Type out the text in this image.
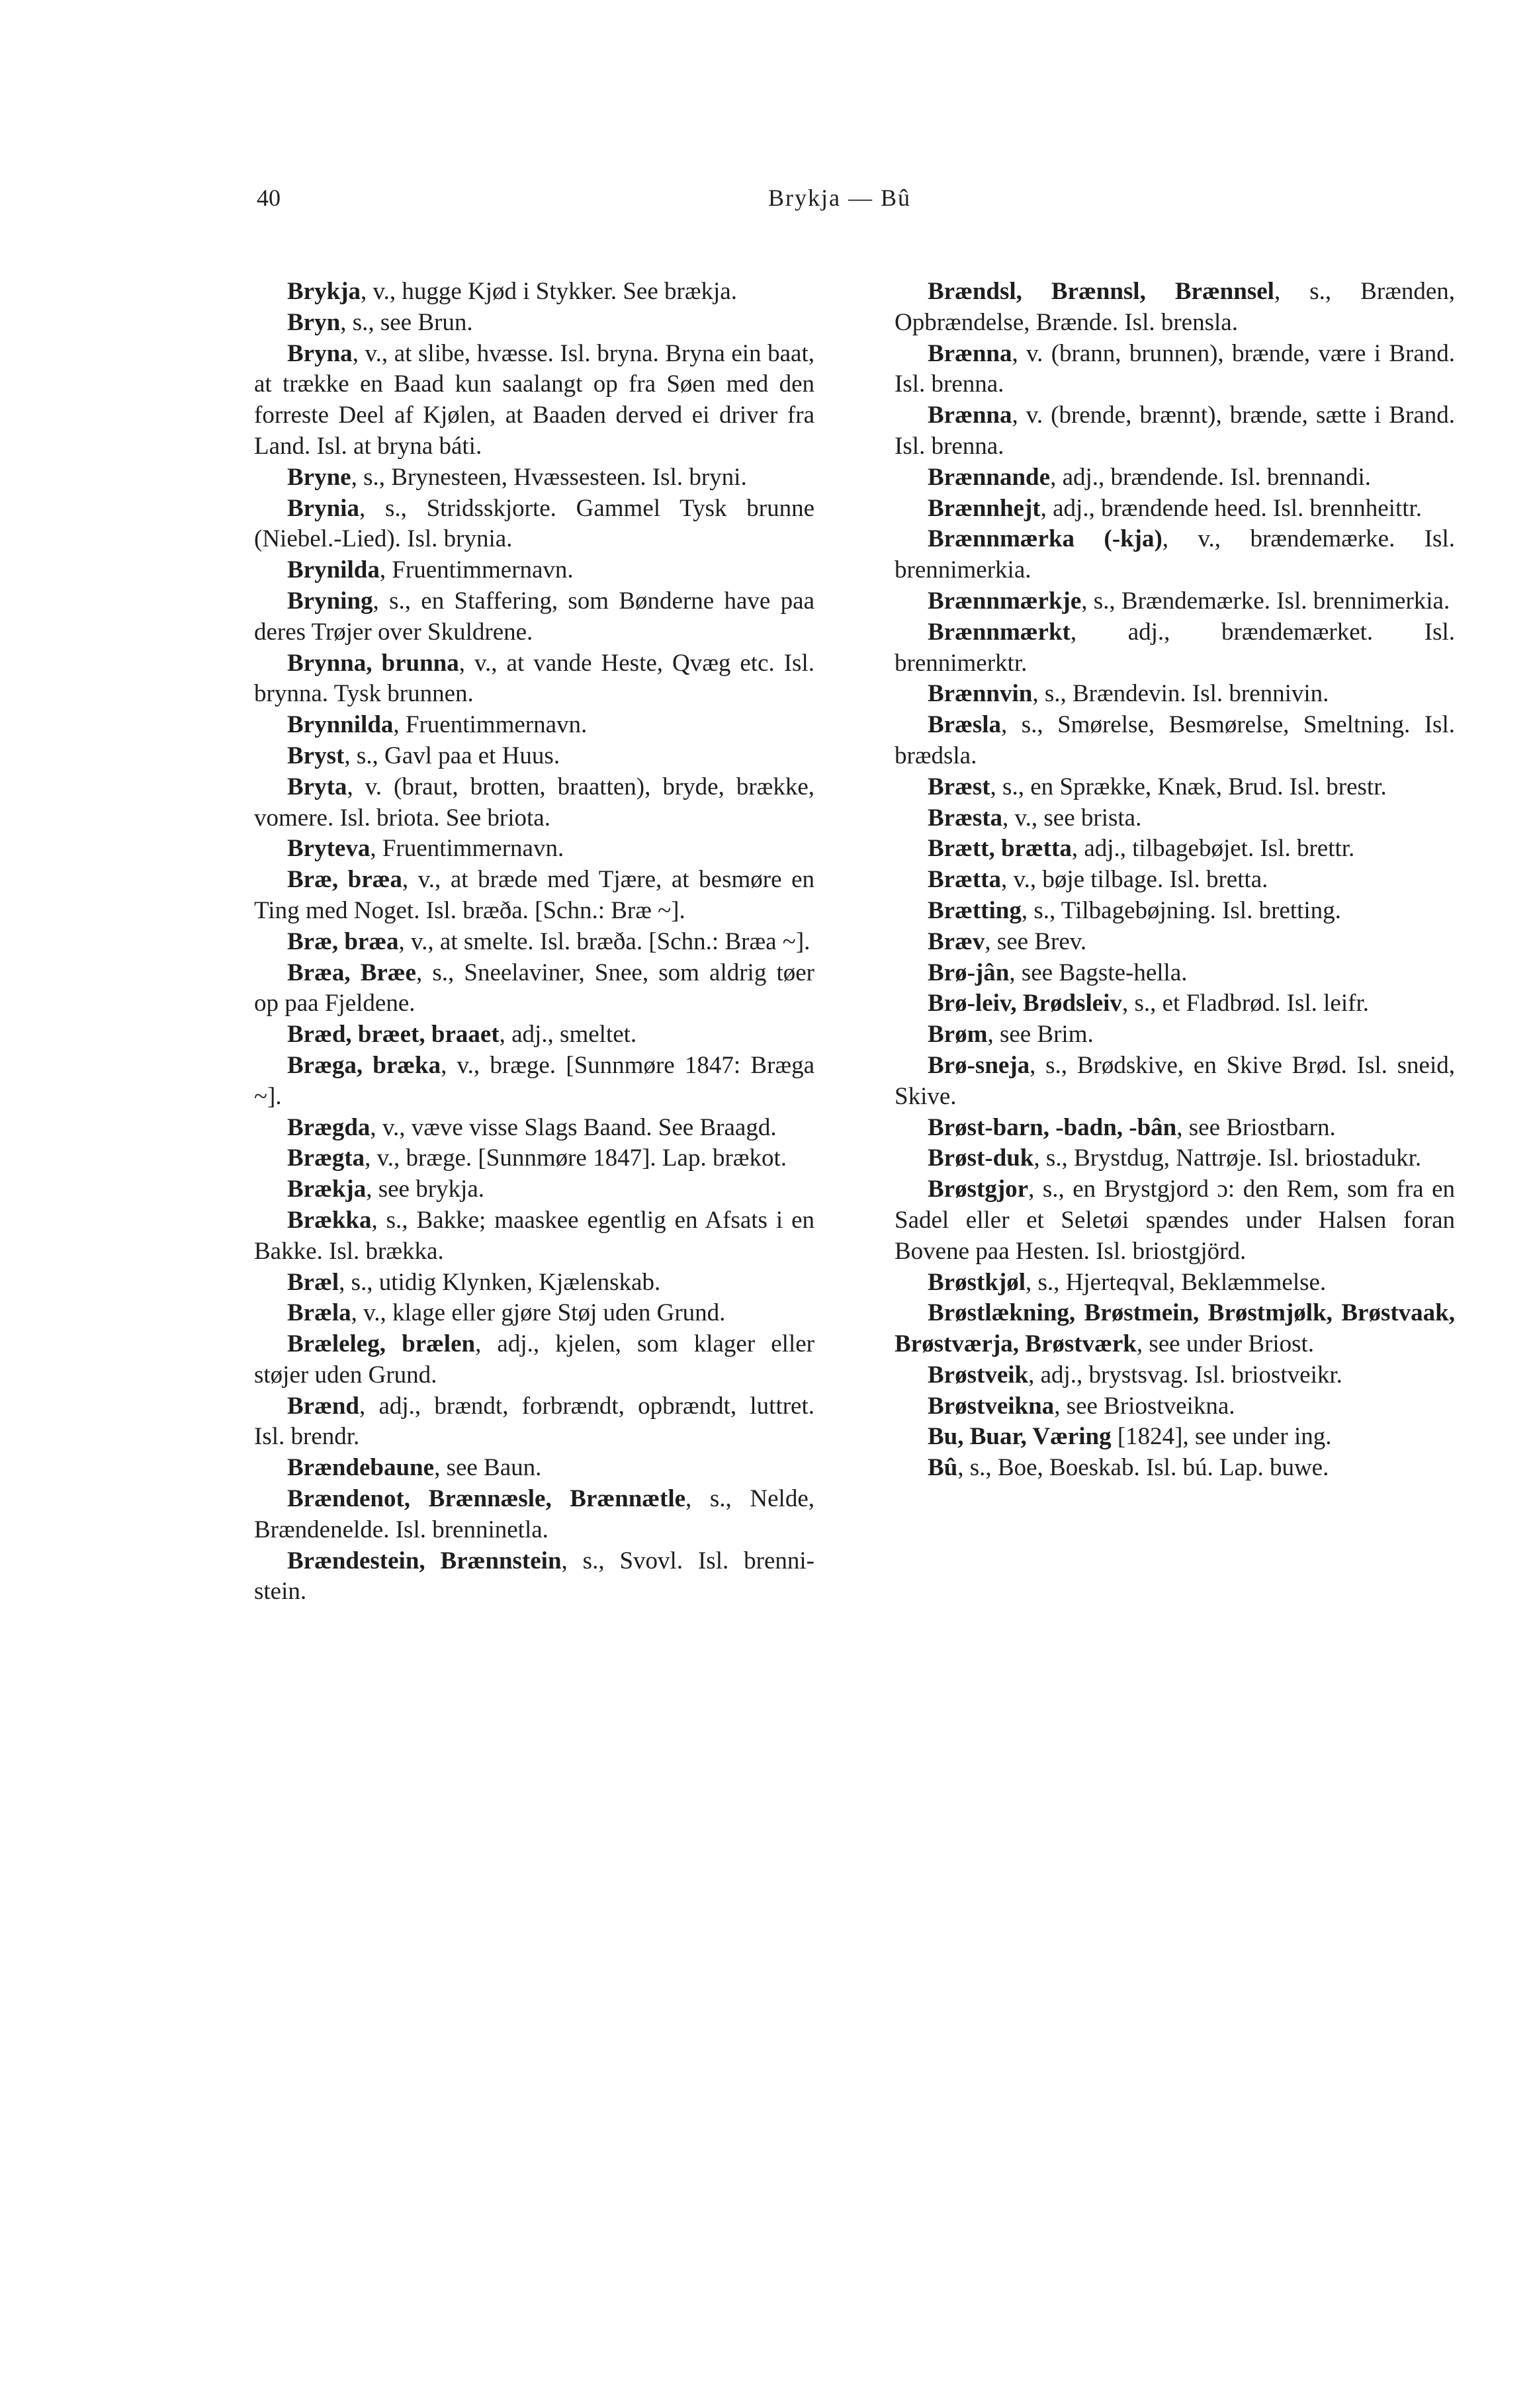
40	Brykja — Bû

Brykja, v., hugge Kjød i Stykker. See brækja.

Bryn, s., see Brun.

Bryna, v., at slibe, hvæsse. Isl. bryna. Bryna ein baat, at trække en Baad kun saalangt op fra Søen med den forreste Deel af Kjølen, at Baaden derved ei driver fra Land. Isl. at bryna báti.

Bryne, s., Brynesteen, Hvæssesteen. Isl. bryni.

Brynia, s., Stridsskjorte. Gammel Tysk brunne (Niebel.-Lied). Isl. brynia.

Brynilda, Fruentimmernavn.

Bryning, s., en Staffering, som Bønderne have paa deres Trøjer over Skuldrene.

Brynna, brunna, v., at vande Heste, Qvæg etc. Isl. brynna. Tysk brunnen.

Brynnilda, Fruentimmernavn.

Bryst, s., Gavl paa et Huus.

Bryta, v. (braut, brotten, braatten), bryde, brække, vomere. Isl. briota. See briota.

Bryteva, Fruentimmernavn.

Bræ, bræa, v., at bræde med Tjære, at besmøre en Ting med Noget. Isl. bræða. [Schn.: Bræ ~].

Bræ, bræa, v., at smelte. Isl. bræða. [Schn.: Bræa ~].

Bræa, Bræe, s., Sneelaviner, Snee, som aldrig tøer op paa Fjeldene.

Bræd, bræet, braaet, adj., smeltet.

Bræga, bræka, v., bræge. [Sunnmøre 1847: Bræga ~].

Brægda, v., væve visse Slags Baand. See Braagd.

Brægta, v., bræge. [Sunnmøre 1847]. Lap. brækot.

Brækja, see brykja.

Brækka, s., Bakke; maaskee egentlig en Afsats i en Bakke. Isl. brækka.

Bræl, s., utidig Klynken, Kjælenskab.

Bræla, v., klage eller gjøre Støj uden Grund.

Bræleleg, brælen, adj., kjelen, som klager eller støjer uden Grund.

Brænd, adj., brændt, forbrændt, opbrændt, luttret. Isl. brendr.

Brændebaune, see Baun.

Brændenot, Brænnæsle, Brænnætle, s., Nelde, Brændenelde. Isl. brenninetla.

Brændestein, Brænnstein, s., Svovl. Isl. brenni-stein.

Brændsl, Brænnsl, Brænnsel, s., Brænden, Opbrændelse, Brænde. Isl. brensla.

Brænna, v. (brann, brunnen), brænde, være i Brand. Isl. brenna.

Brænna, v. (brende, brænnt), brænde, sætte i Brand. Isl. brenna.

Brænnande, adj., brændende. Isl. brennandi.

Brænnhejt, adj., brændende heed. Isl. brennheittr.

Brænnmærka (-kja), v., brændemærke. Isl. brennimerkia.

Brænnmærkje, s., Brændemærke. Isl. brennimerkia.

Brænnmærkt, adj., brændemærket. Isl. brennimerktr.

Brænnvin, s., Brændevin. Isl. brennivin.

Bræsla, s., Smørelse, Besmørelse, Smeltning. Isl. brædsla.

Bræst, s., en Sprække, Knæk, Brud. Isl. brestr.

Bræsta, v., see brista.

Brætt, brætta, adj., tilbagebøjet. Isl. brettr.

Brætta, v., bøje tilbage. Isl. bretta.

Brætting, s., Tilbagebøjning. Isl. bretting.

Bræv, see Brev.

Brø-jân, see Bagste-hella.

Brø-leiv, Brødsleiv, s., et Fladbrød. Isl. leifr.

Brøm, see Brim.

Brø-sneja, s., Brødskive, en Skive Brød. Isl. sneid, Skive.

Brøst-barn, -badn, -bân, see Briostbarn.

Brøst-duk, s., Brystdug, Nattrøje. Isl. briostadukr.

Brøstgjor, s., en Brystgjord ɔ: den Rem, som fra en Sadel eller et Seletøi spændes under Halsen foran Bovene paa Hesten. Isl. briostgjörd.

Brøstkjøl, s., Hjerteqval, Beklæmmelse.

Brøstlækning, Brøstmein, Brøstmjølk, Brøstvaak, Brøstværja, Brøstværk, see under Briost.

Brøstveik, adj., brystsvag. Isl. briostveikr.

Brøstveikna, see Briostveikna.

Bu, Buar, Væring [1824], see under ing.

Bû, s., Boe, Boeskab. Isl. bú. Lap. buwe.
